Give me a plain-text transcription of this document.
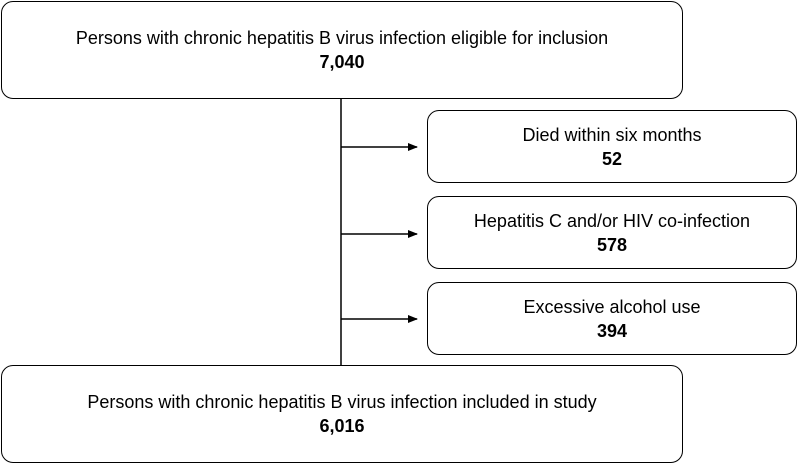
Persons with chronic hepatitis B virus infection eligible for inclusion
7,040
Died within six months
52
Hepatitis C and/or HIV co-infection
578
Excessive alcohol use
394
Persons with chronic hepatitis B virus infection included in study
6,016
